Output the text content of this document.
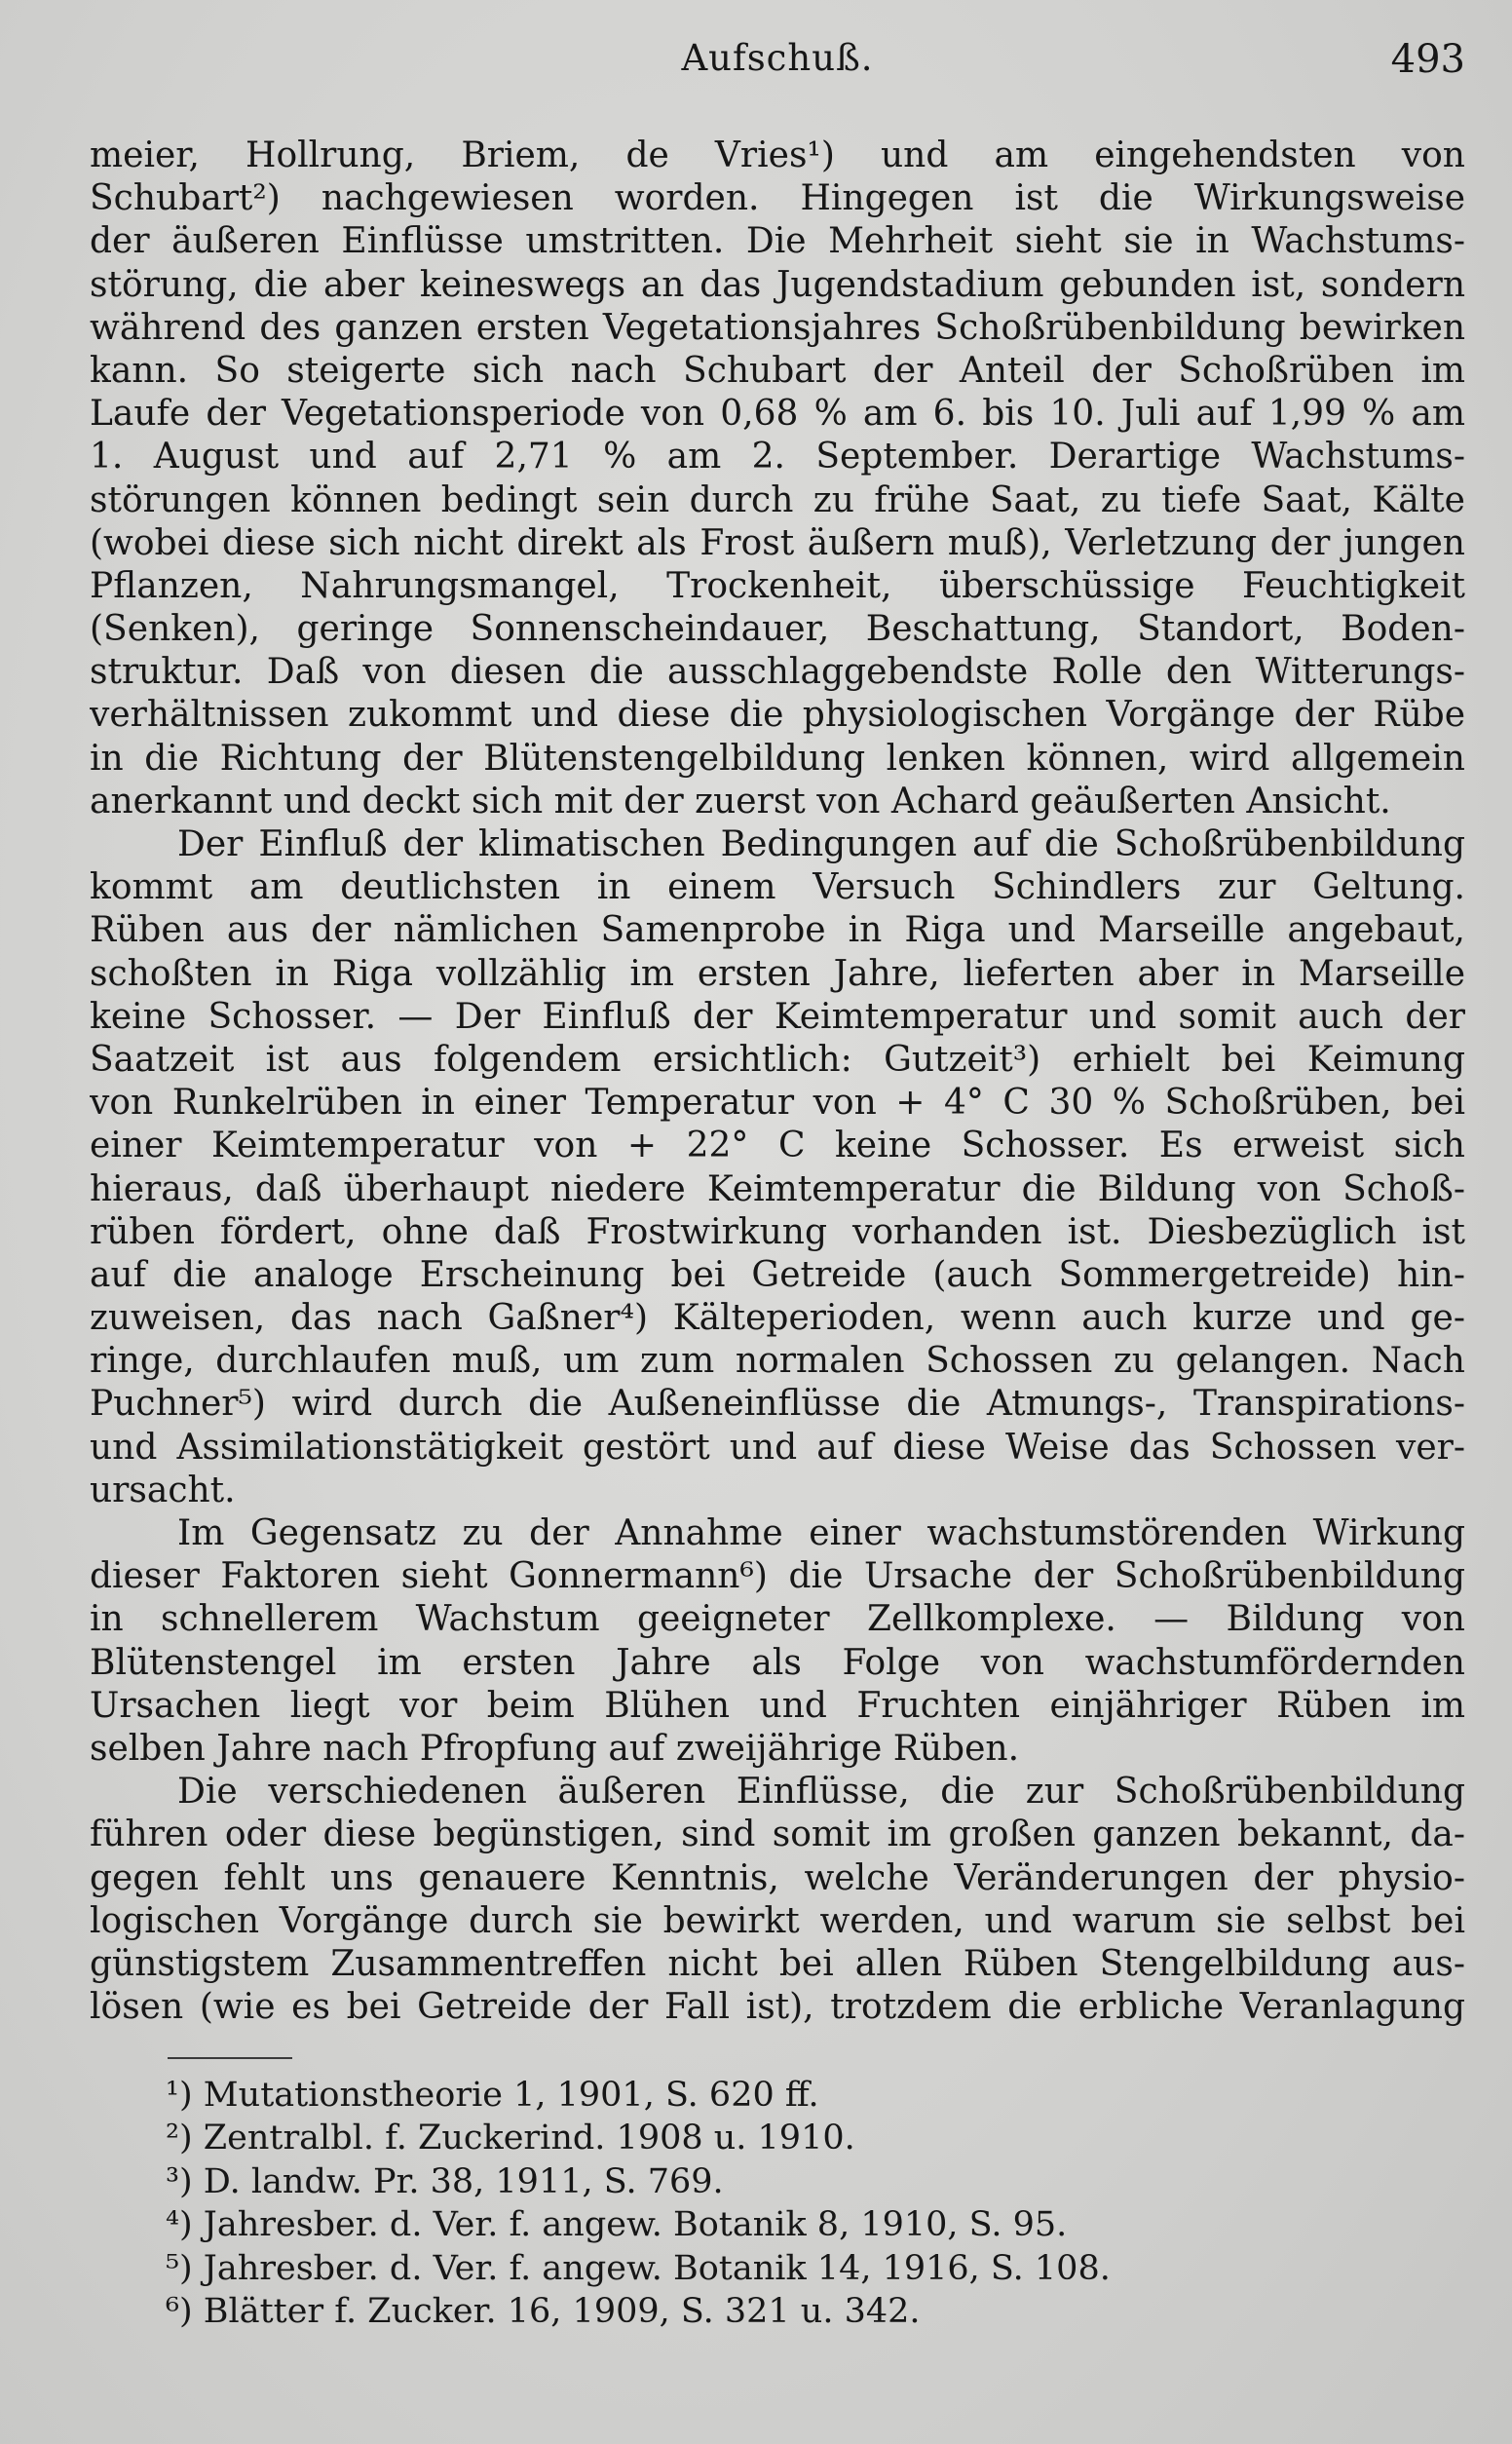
Aufschuß.	493
meier, Hollrung, Briem, de Vries¹) und am eingehendsten von
Schubart²) nachgewiesen worden. Hingegen ist die Wirkungsweise
der äußeren Einflüsse umstritten. Die Mehrheit sieht sie in Wachstums-
störung, die aber keineswegs an das Jugendstadium gebunden ist, sondern
während des ganzen ersten Vegetationsjahres Schoßrübenbildung bewirken
kann. So steigerte sich nach Schubart der Anteil der Schoßrüben im
Laufe der Vegetationsperiode von 0,68 % am 6. bis 10. Juli auf 1,99 % am
1. August und auf 2,71 % am 2. September. Derartige Wachstums-
störungen können bedingt sein durch zu frühe Saat, zu tiefe Saat, Kälte
(wobei diese sich nicht direkt als Frost äußern muß), Verletzung der jungen
Pflanzen, Nahrungsmangel, Trockenheit, überschüssige Feuchtigkeit
(Senken), geringe Sonnenscheindauer, Beschattung, Standort, Boden-
struktur. Daß von diesen die ausschlaggebendste Rolle den Witterungs-
verhältnissen zukommt und diese die physiologischen Vorgänge der Rübe
in die Richtung der Blütenstengelbildung lenken können, wird allgemein
anerkannt und deckt sich mit der zuerst von Achard geäußerten Ansicht.
Der Einfluß der klimatischen Bedingungen auf die Schoßrübenbildung
kommt am deutlichsten in einem Versuch Schindlers zur Geltung.
Rüben aus der nämlichen Samenprobe in Riga und Marseille angebaut,
schoßten in Riga vollzählig im ersten Jahre, lieferten aber in Marseille
keine Schosser. — Der Einfluß der Keimtemperatur und somit auch der
Saatzeit ist aus folgendem ersichtlich: Gutzeit³) erhielt bei Keimung
von Runkelrüben in einer Temperatur von + 4° C 30 % Schoßrüben, bei
einer Keimtemperatur von + 22° C keine Schosser. Es erweist sich
hieraus, daß überhaupt niedere Keimtemperatur die Bildung von Schoß-
rüben fördert, ohne daß Frostwirkung vorhanden ist. Diesbezüglich ist
auf die analoge Erscheinung bei Getreide (auch Sommergetreide) hin-
zuweisen, das nach Gaßner⁴) Kälteperioden, wenn auch kurze und ge-
ringe, durchlaufen muß, um zum normalen Schossen zu gelangen. Nach
Puchner⁵) wird durch die Außeneinflüsse die Atmungs-, Transpirations-
und Assimilationstätigkeit gestört und auf diese Weise das Schossen ver-
ursacht.
Im Gegensatz zu der Annahme einer wachstumstörenden Wirkung
dieser Faktoren sieht Gonnermann⁶) die Ursache der Schoßrübenbildung
in schnellerem Wachstum geeigneter Zellkomplexe. — Bildung von
Blütenstengel im ersten Jahre als Folge von wachstumfördernden
Ursachen liegt vor beim Blühen und Fruchten einjähriger Rüben im
selben Jahre nach Pfropfung auf zweijährige Rüben.
Die verschiedenen äußeren Einflüsse, die zur Schoßrübenbildung
führen oder diese begünstigen, sind somit im großen ganzen bekannt, da-
gegen fehlt uns genauere Kenntnis, welche Veränderungen der physio-
logischen Vorgänge durch sie bewirkt werden, und warum sie selbst bei
günstigstem Zusammentreffen nicht bei allen Rüben Stengelbildung aus-
lösen (wie es bei Getreide der Fall ist), trotzdem die erbliche Veranlagung
¹) Mutationstheorie 1, 1901, S. 620 ff.
²) Zentralbl. f. Zuckerind. 1908 u. 1910.
³) D. landw. Pr. 38, 1911, S. 769.
⁴) Jahresber. d. Ver. f. angew. Botanik 8, 1910, S. 95.
⁵) Jahresber. d. Ver. f. angew. Botanik 14, 1916, S. 108.
⁶) Blätter f. Zucker. 16, 1909, S. 321 u. 342.
